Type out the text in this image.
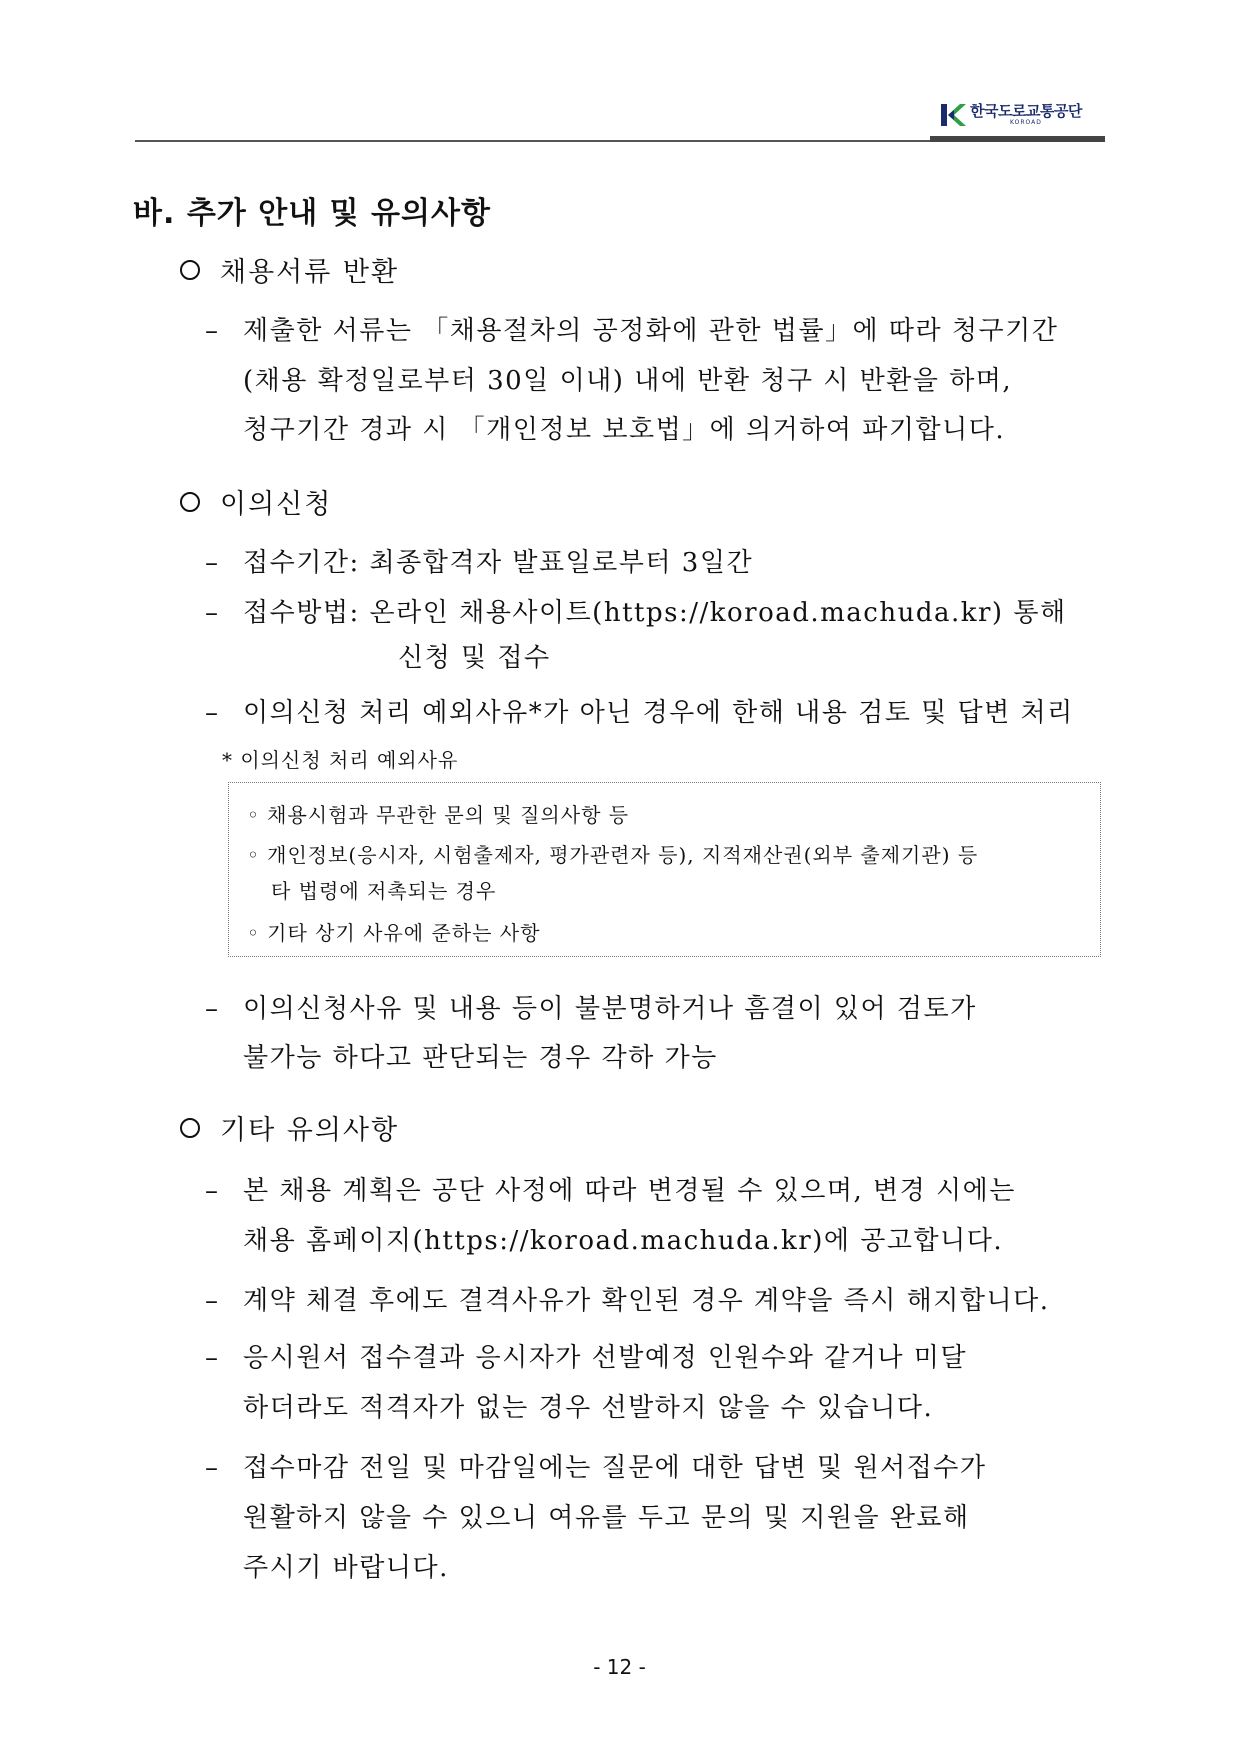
한국도로교통공단
KOROAD
바. 추가 안내 및 유의사항
채용서류 반환
– 제출한 서류는 「채용절차의 공정화에 관한 법률」에 따라 청구기간
(채용 확정일로부터 30일 이내) 내에 반환 청구 시 반환을 하며,
청구기간 경과 시 「개인정보 보호법」에 의거하여 파기합니다.
이의신청
– 접수기간: 최종합격자 발표일로부터 3일간
– 접수방법: 온라인 채용사이트(https://koroad.machuda.kr) 통해
신청 및 접수
– 이의신청 처리 예외사유*가 아닌 경우에 한해 내용 검토 및 답변 처리
* 이의신청 처리 예외사유
◦ 채용시험과 무관한 문의 및 질의사항 등
◦ 개인정보(응시자, 시험출제자, 평가관련자 등), 지적재산권(외부 출제기관) 등
타 법령에 저촉되는 경우
◦ 기타 상기 사유에 준하는 사항
– 이의신청사유 및 내용 등이 불분명하거나 흠결이 있어 검토가
불가능 하다고 판단되는 경우 각하 가능
기타 유의사항
– 본 채용 계획은 공단 사정에 따라 변경될 수 있으며, 변경 시에는
채용 홈페이지(https://koroad.machuda.kr)에 공고합니다.
– 계약 체결 후에도 결격사유가 확인된 경우 계약을 즉시 해지합니다.
– 응시원서 접수결과 응시자가 선발예정 인원수와 같거나 미달
하더라도 적격자가 없는 경우 선발하지 않을 수 있습니다.
– 접수마감 전일 및 마감일에는 질문에 대한 답변 및 원서접수가
원활하지 않을 수 있으니 여유를 두고 문의 및 지원을 완료해
주시기 바랍니다.
- 12 -
